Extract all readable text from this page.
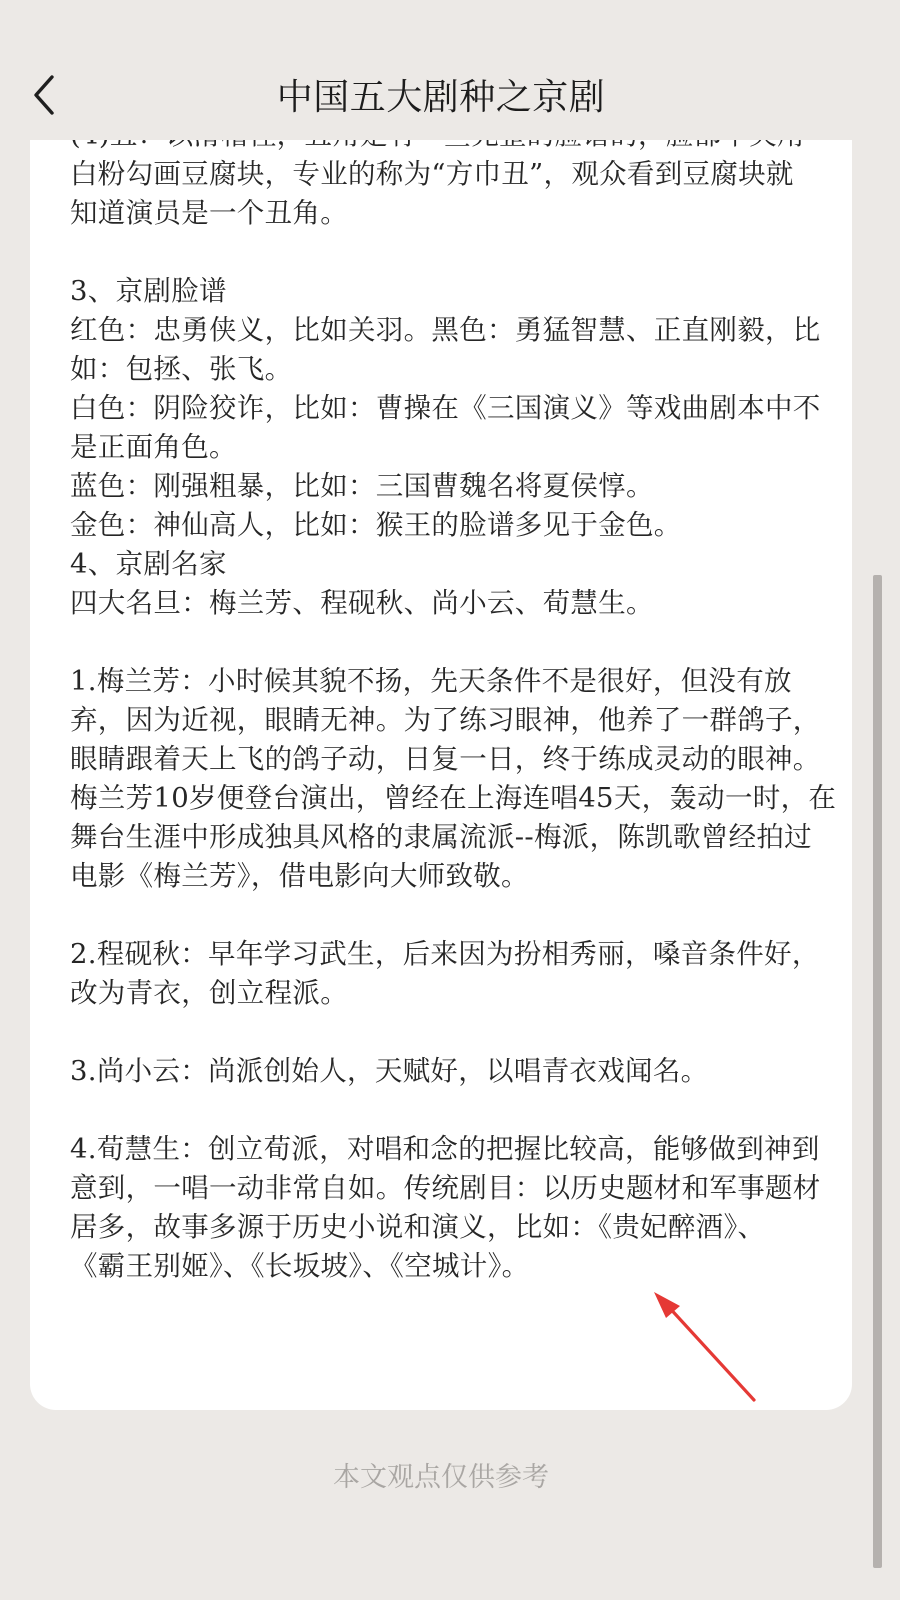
白粉勾画豆腐块，专业的称为“方巾丑”，观众看到豆腐块就
知道演员是一个丑角。
3、京剧脸谱
红色：忠勇侠义，比如关羽。黑色：勇猛智慧、正直刚毅，比
如：包拯、张飞。
白色：阴险狡诈，比如：曹操在《三国演义》等戏曲剧本中不
是正面角色。
蓝色：刚强粗暴，比如：三国曹魏名将夏侯惇。
金色：神仙高人，比如：猴王的脸谱多见于金色。
4、京剧名家
四大名旦：梅兰芳、程砚秋、尚小云、荀慧生。
1.梅兰芳：小时候其貌不扬，先天条件不是很好，但没有放
弃，因为近视，眼睛无神。为了练习眼神，他养了一群鸽子，
眼睛跟着天上飞的鸽子动，日复一日，终于练成灵动的眼神。
梅兰芳10岁便登台演出，曾经在上海连唱45天，轰动一时，在
舞台生涯中形成独具风格的隶属流派--梅派，陈凯歌曾经拍过
电影《梅兰芳》，借电影向大师致敬。
2.程砚秋：早年学习武生，后来因为扮相秀丽，嗓音条件好，
改为青衣，创立程派。
3.尚小云：尚派创始人，天赋好，以唱青衣戏闻名。
4.荀慧生：创立荀派，对唱和念的把握比较高，能够做到神到
意到，一唱一动非常自如。传统剧目：以历史题材和军事题材
居多，故事多源于历史小说和演义，比如：《贵妃醉酒》、
《霸王别姬》、《长坂坡》、《空城计》。
中国五大剧种之京剧
本文观点仅供参考
